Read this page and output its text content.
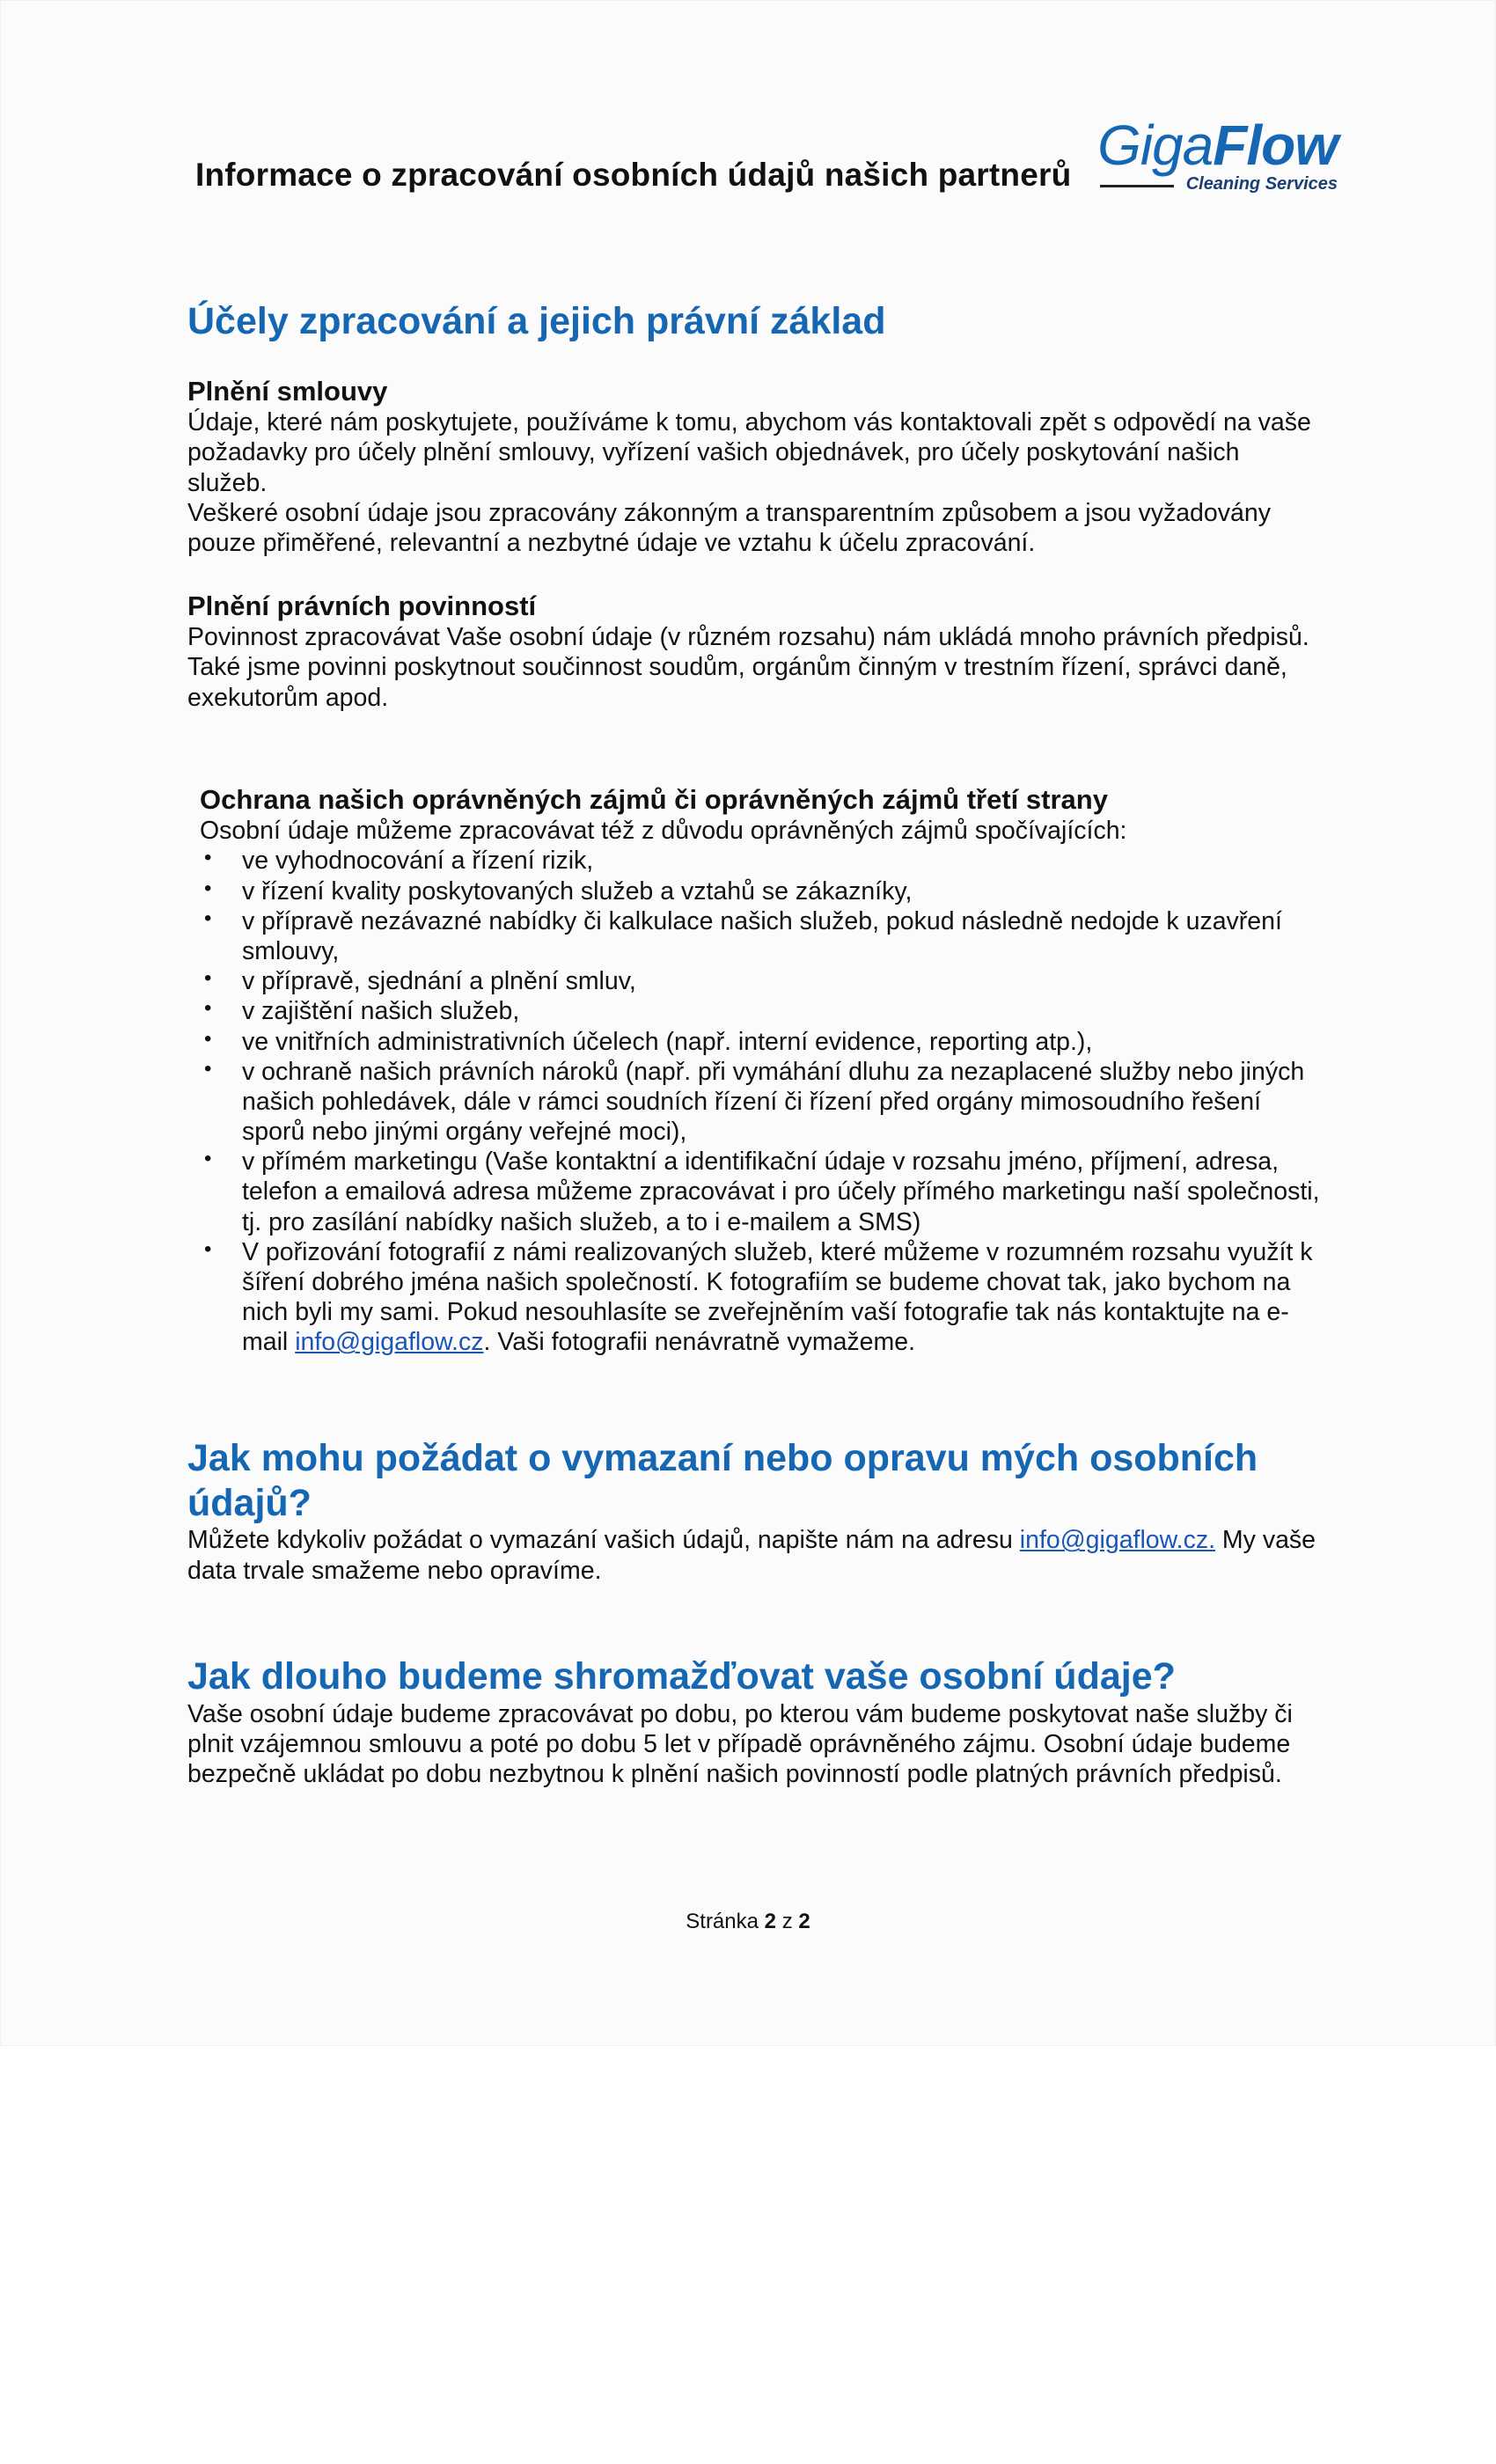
Informace o zpracování osobních údajů našich partnerů GigaFlow
Cleaning Services
Účely zpracování a jejich právní základ
Plnění smlouvy

Údaje, které nám poskytujete, používáme k tomu, abychom vás kontaktovali zpět s odpovědí na vaše požadavky pro účely plnění smlouvy, vyřízení vašich objednávek, pro účely poskytování našich služeb.

Veškeré osobní údaje jsou zpracovány zákonným a transparentním způsobem a jsou vyžadovány pouze přiměřené, relevantní a nezbytné údaje ve vztahu k účelu zpracování.

Plnění právních povinností

Povinnost zpracovávat Vaše osobní údaje (v různém rozsahu) nám ukládá mnoho právních předpisů.

Také jsme povinni poskytnout součinnost soudům, orgánům činným v trestním řízení, správci daně, exekutorům apod.

Ochrana našich oprávněných zájmů či oprávněných zájmů třetí strany

Osobní údaje můžeme zpracovávat též z důvodu oprávněných zájmů spočívajících:

• ve vyhodnocování a řízení rizik,
• v řízení kvality poskytovaných služeb a vztahů se zákazníky,
• v přípravě nezávazné nabídky či kalkulace našich služeb, pokud následně nedojde k uzavření smlouvy,
• v přípravě, sjednání a plnění smluv,
• v zajištění našich služeb,
• ve vnitřních administrativních účelech (např. interní evidence, reporting atp.),
• v ochraně našich právních nároků (např. při vymáhání dluhu za nezaplacené služby nebo jiných našich pohledávek, dále v rámci soudních řízení či řízení před orgány mimosoudního řešení sporů nebo jinými orgány veřejné moci),
• v přímém marketingu (Vaše kontaktní a identifikační údaje v rozsahu jméno, příjmení, adresa, telefon a emailová adresa můžeme zpracovávat i pro účely přímého marketingu naší společnosti, tj. pro zasílání nabídky našich služeb, a to i e-mailem a SMS)
• V pořizování fotografií z námi realizovaných služeb, které můžeme v rozumném rozsahu využít k šíření dobrého jména našich společností. K fotografiím se budeme chovat tak, jako bychom na nich byli my sami. Pokud nesouhlasíte se zveřejněním vaší fotografie tak nás kontaktujte na e-mail info@gigaflow.cz. Vaši fotografii nenávratně vymažeme.
Jak mohu požádat o vymazaní nebo opravu mých osobních údajů?

Můžete kdykoliv požádat o vymazání vašich údajů, napište nám na adresu info@gigaflow.cz. My vaše data trvale smažeme nebo opravíme.

Jak dlouho budeme shromažďovat vaše osobní údaje?

Vaše osobní údaje budeme zpracovávat po dobu, po kterou vám budeme poskytovat naše služby či plnit vzájemnou smlouvu a poté po dobu 5 let v případě oprávněného zájmu. Osobní údaje budeme bezpečně ukládat po dobu nezbytnou k plnění našich povinností podle platných právních předpisů.

Stránka 2 z 2
